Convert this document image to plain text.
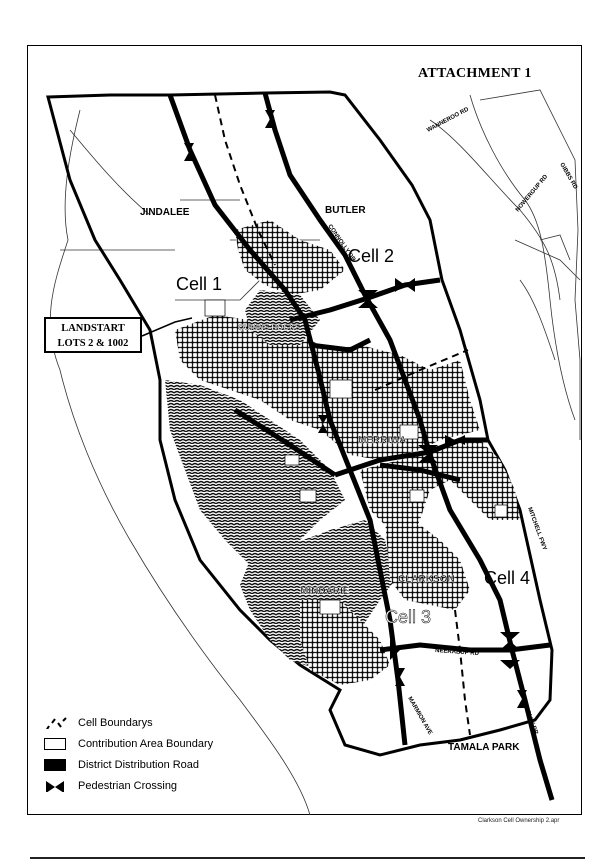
JINDALEE	BUTLER
MERRIWA
CLARKSON
MINDARIE
TAMALA PARK
QUINNS ROCKS
Cell 1
Cell 2
Cell 3
Cell 4
WANNEROO RD
NOWERGUP RD GIBBS RD
CONNOLLY DR
MITCHELL FWY
NEERABUP RD
MARMION AVE	CONNOLLY DR
LUKIN DR
ATTACHMENT 1
LANDSTART
LOTS 2 & 1002
Cell Boundarys
Contribution Area Boundary
District Distribution Road
Pedestrian Crossing
Clarkson Cell Ownership 2.apr
